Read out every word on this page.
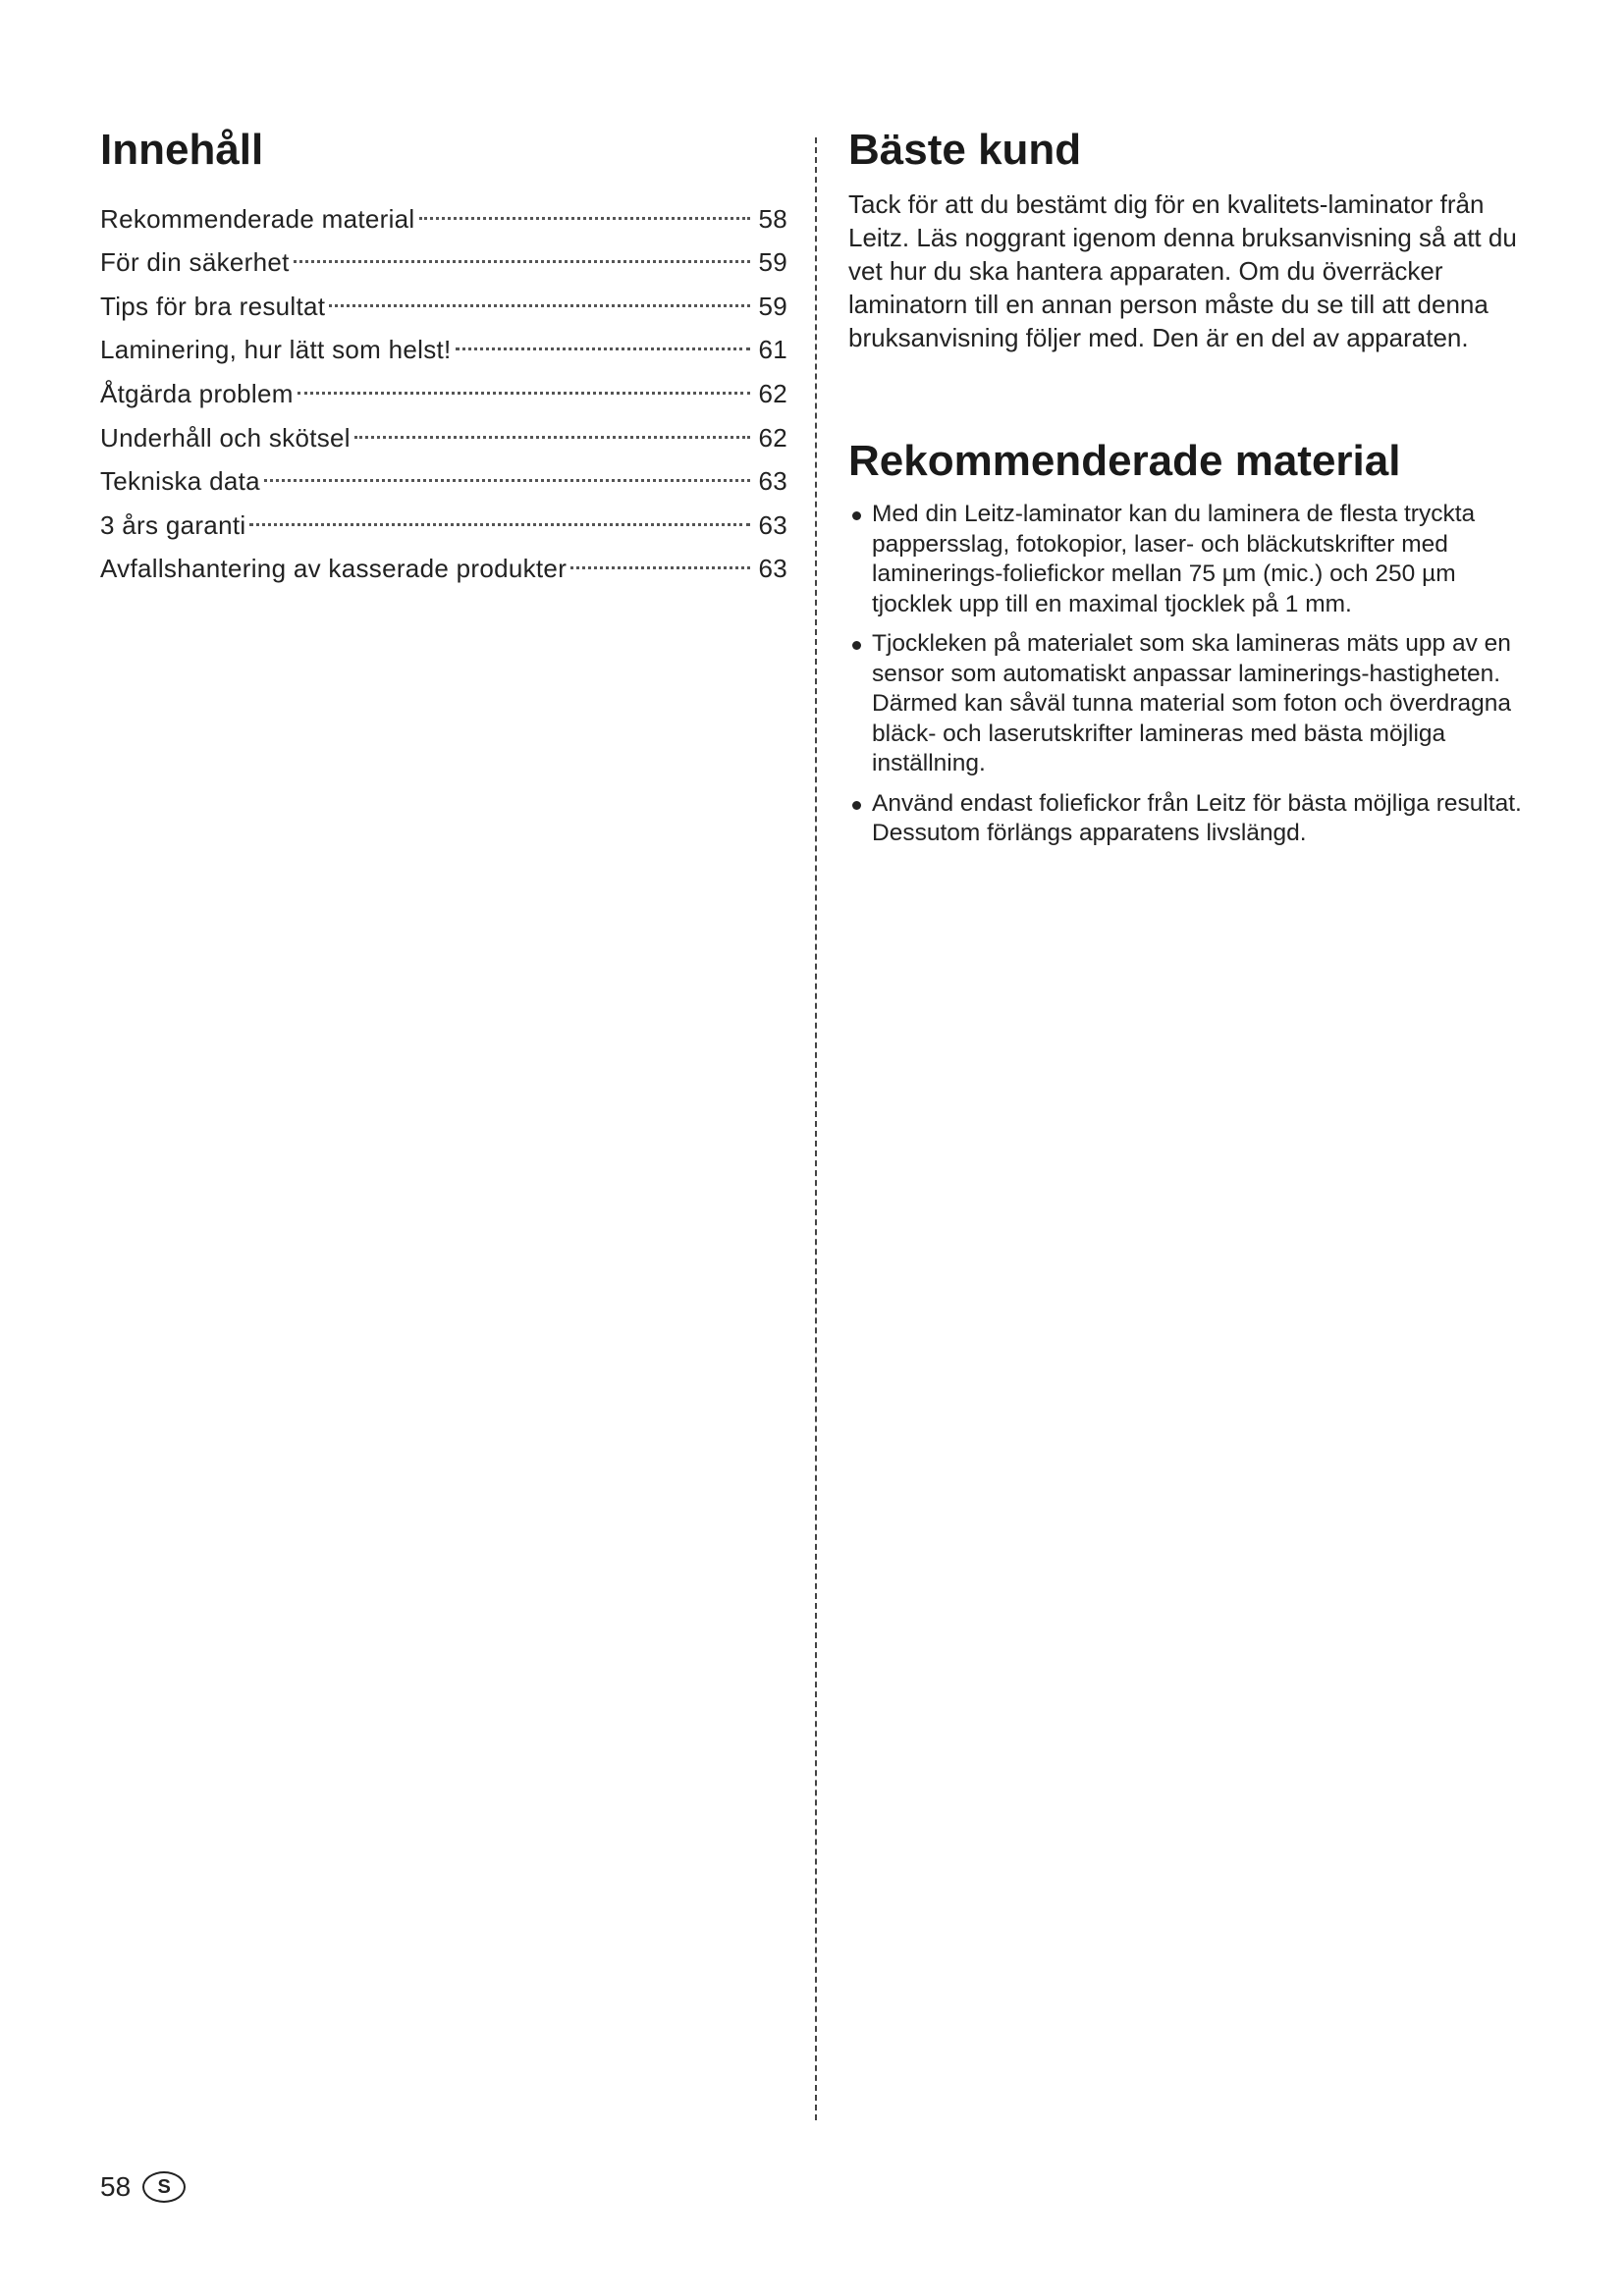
Innehåll
Rekommenderade material	58
För din säkerhet	59
Tips för bra resultat	59
Laminering, hur lätt som helst!	61
Åtgärda problem	62
Underhåll och skötsel	62
Tekniska data	63
3 års garanti	63
Avfallshantering av kasserade produkter	63
Bäste kund

Tack för att du bestämt dig för en kvalitets-laminator från Leitz. Läs noggrant igenom denna bruksanvisning så att du vet hur du ska hantera apparaten. Om du överräcker laminatorn till en annan person måste du se till att denna bruksanvisning följer med. Den är en del av apparaten.

Rekommenderade material
Med din Leitz-laminator kan du laminera de flesta tryckta pappersslag, fotokopior, laser- och bläckutskrifter med laminerings-foliefickor mellan 75 µm (mic.) och 250 µm tjocklek upp till en maximal tjocklek på 1 mm.
Tjockleken på materialet som ska lamineras mäts upp av en sensor som automatiskt anpassar laminerings-hastigheten. Därmed kan såväl tunna material som foton och överdragna bläck- och laserutskrifter lamineras med bästa möjliga inställning.
Använd endast foliefickor från Leitz för bästa möjliga resultat. Dessutom förlängs apparatens livslängd.
58	S
